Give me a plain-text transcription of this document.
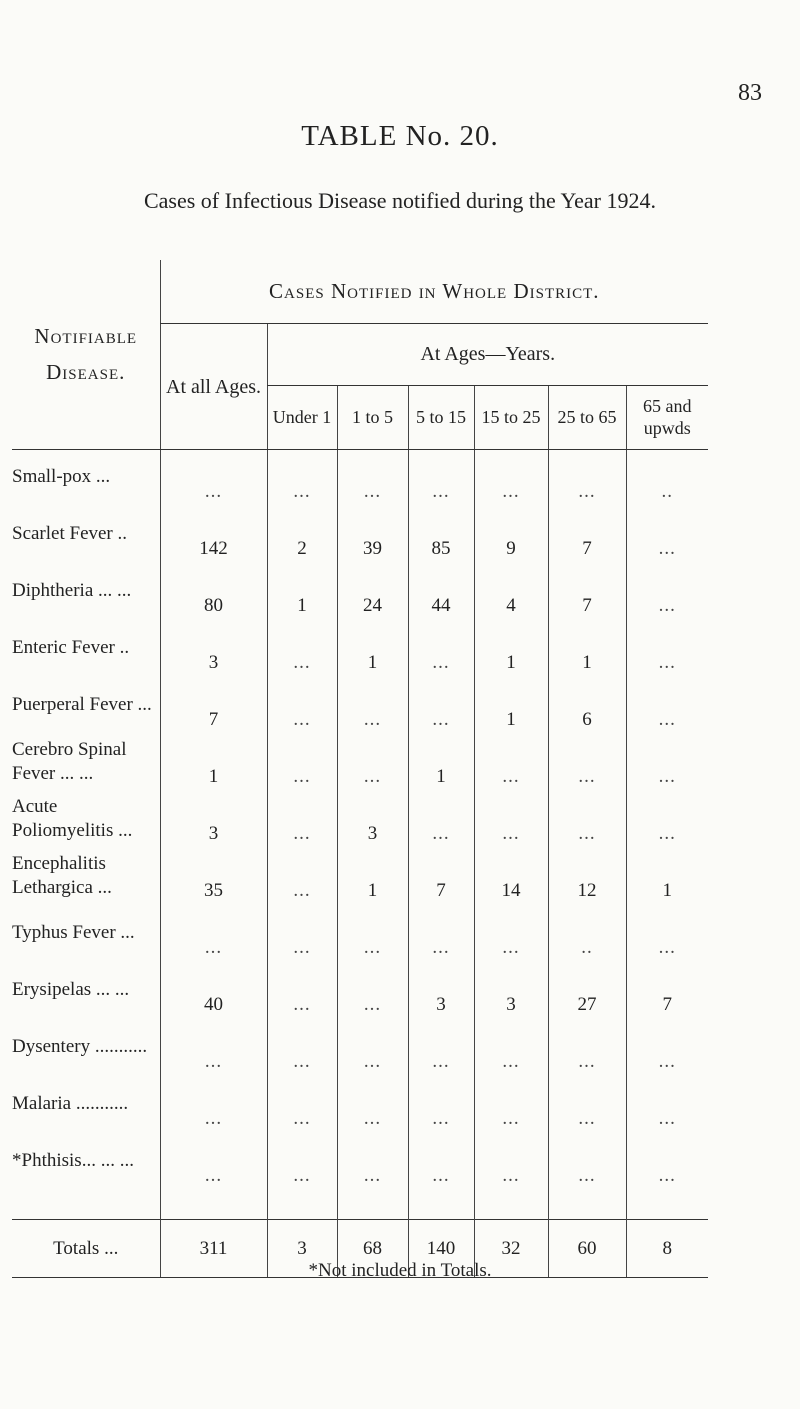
83
TABLE No. 20.
Cases of Infectious Disease notified during the Year 1924.
Notifiable
Disease.	Cases Notified in Whole District.						
	At all Ages.	At Ages—Years.					
		Under 1	1 to 5	5 to 15	15 to 25	25 to 65	65 and upwds
Small-pox ...	...	...	...	...	...	...	..
Scarlet Fever ..	142	2	39	85	9	7	...
Diphtheria ... ...	80	1	24	44	4	7	...
Enteric Fever ..	3	...	1	...	1	1	...
Puerperal Fever ...	7	...	...	...	1	6	...
Cerebro Spinal Fever ... ...	1	...	...	1	...	...	...
Acute Poliomyelitis ...	3	...	3	...	...	...	...
Encephalitis Lethargica ...	35	...	1	7	14	12	1
Typhus Fever ...	...	...	...	...	...	..	...
Erysipelas ... ...	40	...	...	3	3	27	7
Dysentery ...........	...	...	...	...	...	...	...
Malaria ...........	...	...	...	...	...	...	...
*Phthisis... ... ...	...	...	...	...	...	...	...

Totals ...	311	3	68	140	32	60	8
*Not included in Totals.
